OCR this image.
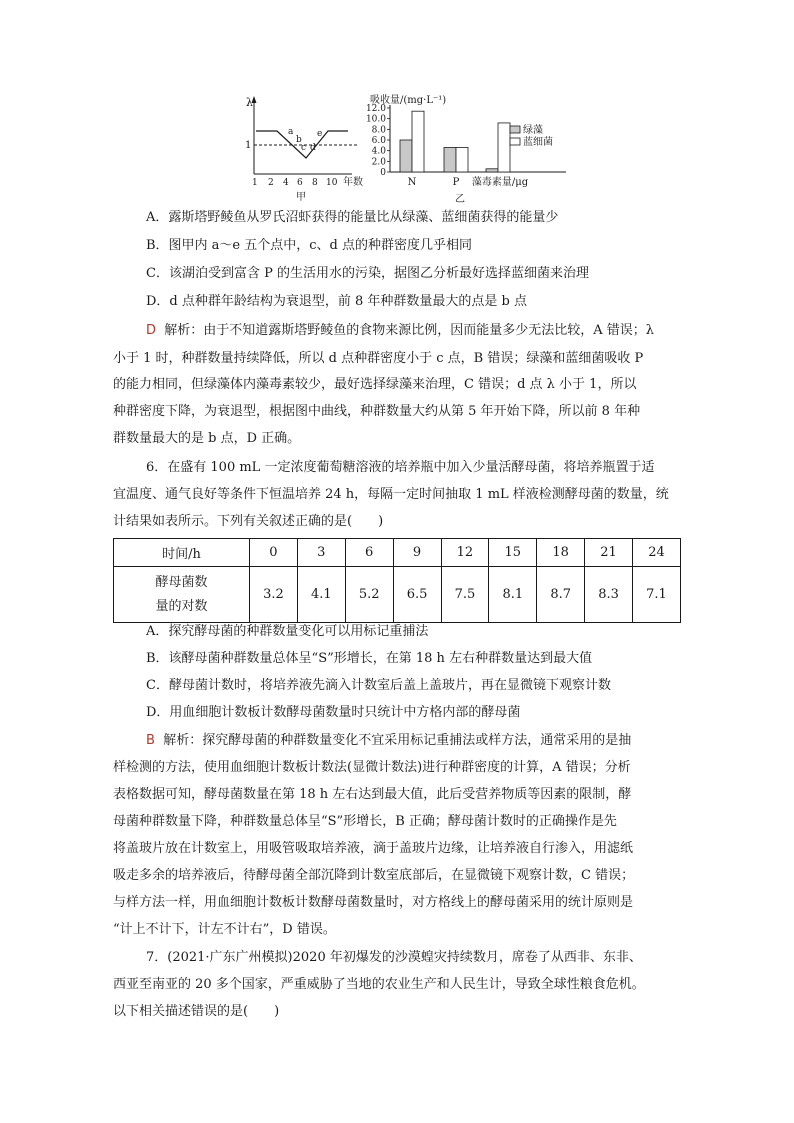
λ
1
a
b
c d
e
1 2 4 6 8 10 年数
甲
吸收量/(mg·L⁻¹)
0
2.0
4.0
6.0
8.0
10.0
12.0
N	P 藻毒素量/μg
绿藻
蓝细菌
乙
A．露斯塔野鲮鱼从罗氏沼虾获得的能量比从绿藻、蓝细菌获得的能量少
B．图甲内 a～e 五个点中，c、d 点的种群密度几乎相同
C．该湖泊受到富含 P 的生活用水的污染，据图乙分析最好选择蓝细菌来治理
D．d 点种群年龄结构为衰退型，前 8 年种群数量最大的点是 b 点
D 解析：由于不知道露斯塔野鲮鱼的食物来源比例，因而能量多少无法比较，A 错误；λ
小于 1 时，种群数量持续降低，所以 d 点种群密度小于 c 点，B 错误；绿藻和蓝细菌吸收 P
的能力相同，但绿藻体内藻毒素较少，最好选择绿藻来治理，C 错误；d 点 λ 小于 1，所以
种群密度下降，为衰退型，根据图中曲线，种群数量大约从第 5 年开始下降，所以前 8 年种
群数量最大的是 b 点，D 正确。
6．在盛有 100 mL 一定浓度葡萄糖溶液的培养瓶中加入少量活酵母菌，将培养瓶置于适
宜温度、通气良好等条件下恒温培养 24 h，每隔一定时间抽取 1 mL 样液检测酵母菌的数量，统
计结果如表所示。下列有关叙述正确的是(　　)
时间/h	0	3	6	9	12	15	18	21	24
酵母菌数
量的对数	3.2	4.1	5.2	6.5	7.5	8.1	8.7	8.3	7.1
A．探究酵母菌的种群数量变化可以用标记重捕法
B．该酵母菌种群数量总体呈“S”形增长，在第 18 h 左右种群数量达到最大值
C．酵母菌计数时，将培养液先滴入计数室后盖上盖玻片，再在显微镜下观察计数
D．用血细胞计数板计数酵母菌数量时只统计中方格内部的酵母菌
B 解析：探究酵母菌的种群数量变化不宜采用标记重捕法或样方法，通常采用的是抽
样检测的方法，使用血细胞计数板计数法(显微计数法)进行种群密度的计算，A 错误；分析
表格数据可知，酵母菌数量在第 18 h 左右达到最大值，此后受营养物质等因素的限制，酵
母菌种群数量下降，种群数量总体呈“S”形增长，B 正确；酵母菌计数时的正确操作是先
将盖玻片放在计数室上，用吸管吸取培养液，滴于盖玻片边缘，让培养液自行渗入，用滤纸
吸走多余的培养液后，待酵母菌全部沉降到计数室底部后，在显微镜下观察计数，C 错误；
与样方法一样，用血细胞计数板计数酵母菌数量时，对方格线上的酵母菌采用的统计原则是
“计上不计下，计左不计右”，D 错误。
7．(2021·广东广州模拟)2020 年初爆发的沙漠蝗灾持续数月，席卷了从西非、东非、
西亚至南亚的 20 多个国家，严重威胁了当地的农业生产和人民生计，导致全球性粮食危机。
以下相关描述错误的是(　　)
